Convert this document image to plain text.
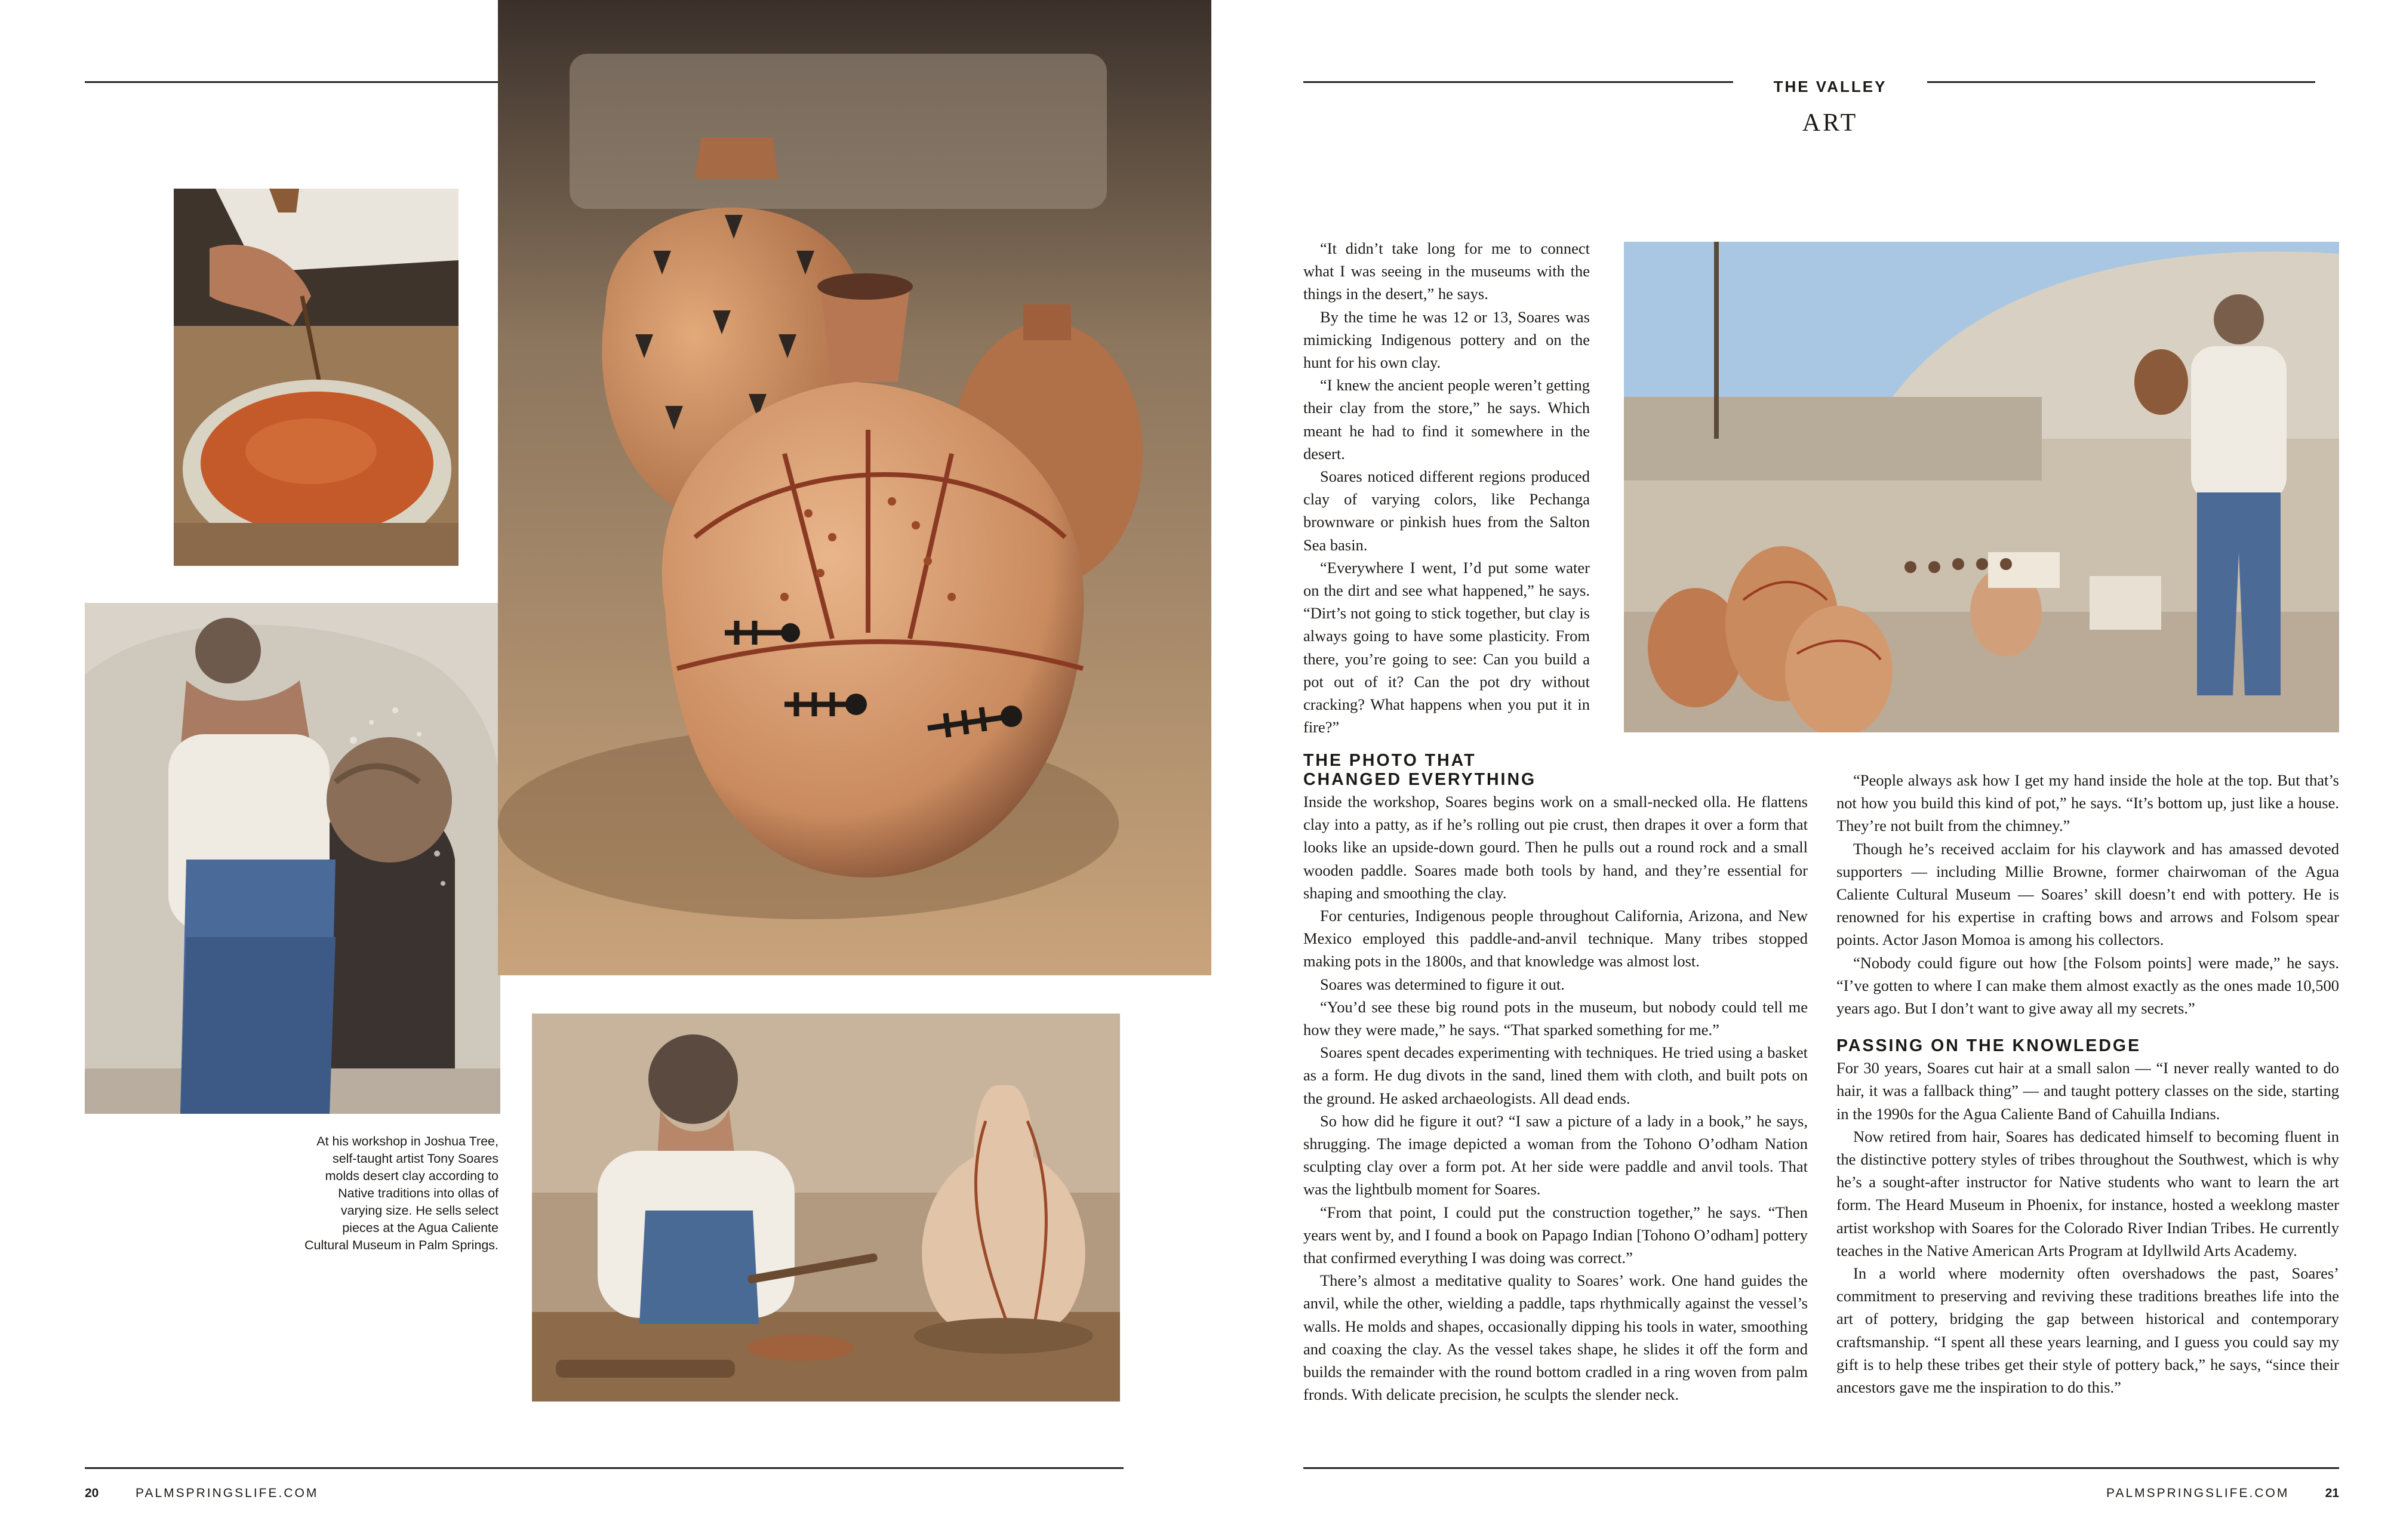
At his workshop in Joshua Tree, self-taught artist Tony Soares molds desert clay according to Native traditions into ollas of varying size. He sells select pieces at the Agua Caliente Cultural Museum in Palm Springs.
20	PALMSPRINGSLIFE.COM
THE VALLEY
ART

“It didn’t take long for me to connect what I was seeing in the museums with the things in the desert,” he says.

By the time he was 12 or 13, Soares was mimicking Indigenous pottery and on the hunt for his own clay.

“I knew the ancient people weren’t getting their clay from the store,” he says. Which meant he had to find it somewhere in the desert.

Soares noticed different regions produced clay of varying colors, like Pechanga brownware or pinkish hues from the Salton Sea basin.

“Everywhere I went, I’d put some water on the dirt and see what happened,” he says. “Dirt’s not going to stick together, but clay is always going to have some plasticity. From there, you’re going to see: Can you build a pot out of it? Can the pot dry without cracking? What happens when you put it in fire?”

THE PHOTO THAT CHANGED EVERYTHING

Inside the workshop, Soares begins work on a small-necked olla. He flattens clay into a patty, as if he’s rolling out pie crust, then drapes it over a form that looks like an upside-down gourd. Then he pulls out a round rock and a small wooden paddle. Soares made both tools by hand, and they’re essential for shaping and smoothing the clay.

For centuries, Indigenous people throughout California, Arizona, and New Mexico employed this paddle-and-anvil technique. Many tribes stopped making pots in the 1800s, and that knowledge was almost lost.

Soares was determined to figure it out.

“You’d see these big round pots in the museum, but nobody could tell me how they were made,” he says. “That sparked something for me.”

Soares spent decades experimenting with techniques. He tried using a basket as a form. He dug divots in the sand, lined them with cloth, and built pots on the ground. He asked archaeologists. All dead ends.

So how did he figure it out? “I saw a picture of a lady in a book,” he says, shrugging. The image depicted a woman from the Tohono O’odham Nation sculpting clay over a form pot. At her side were paddle and anvil tools. That was the lightbulb moment for Soares.

“From that point, I could put the construction together,” he says. “Then years went by, and I found a book on Papago Indian [Tohono O’odham] pottery that confirmed everything I was doing was correct.”

There’s almost a meditative quality to Soares’ work. One hand guides the anvil, while the other, wielding a paddle, taps rhythmically against the vessel’s walls. He molds and shapes, occasionally dipping his tools in water, smoothing and coaxing the clay. As the vessel takes shape, he slides it off the form and builds the remainder with the round bottom cradled in a ring woven from palm fronds. With delicate precision, he sculpts the slender neck.

“People always ask how I get my hand inside the hole at the top. But that’s not how you build this kind of pot,” he says. “It’s bottom up, just like a house. They’re not built from the chimney.”

Though he’s received acclaim for his claywork and has amassed devoted supporters — including Millie Browne, former chairwoman of the Agua Caliente Cultural Museum — Soares’ skill doesn’t end with pottery. He is renowned for his expertise in crafting bows and arrows and Folsom spear points. Actor Jason Momoa is among his collectors.

“Nobody could figure out how [the Folsom points] were made,” he says. “I’ve gotten to where I can make them almost exactly as the ones made 10,500 years ago. But I don’t want to give away all my secrets.”

PASSING ON THE KNOWLEDGE

For 30 years, Soares cut hair at a small salon — “I never really wanted to do hair, it was a fallback thing” — and taught pottery classes on the side, starting in the 1990s for the Agua Caliente Band of Cahuilla Indians.

Now retired from hair, Soares has dedicated himself to becoming fluent in the distinctive pottery styles of tribes throughout the Southwest, which is why he’s a sought-after instructor for Native students who want to learn the art form. The Heard Museum in Phoenix, for instance, hosted a weeklong master artist workshop with Soares for the Colorado River Indian Tribes. He currently teaches in the Native American Arts Program at Idyllwild Arts Academy.

In a world where modernity often overshadows the past, Soares’ commitment to preserving and reviving these traditions breathes life into the art of pottery, bridging the gap between historical and contemporary craftsmanship. “I spent all these years learning, and I guess you could say my gift is to help these tribes get their style of pottery back,” he says, “since their ancestors gave me the inspiration to do this.”

PALMSPRINGSLIFE.COM	21
